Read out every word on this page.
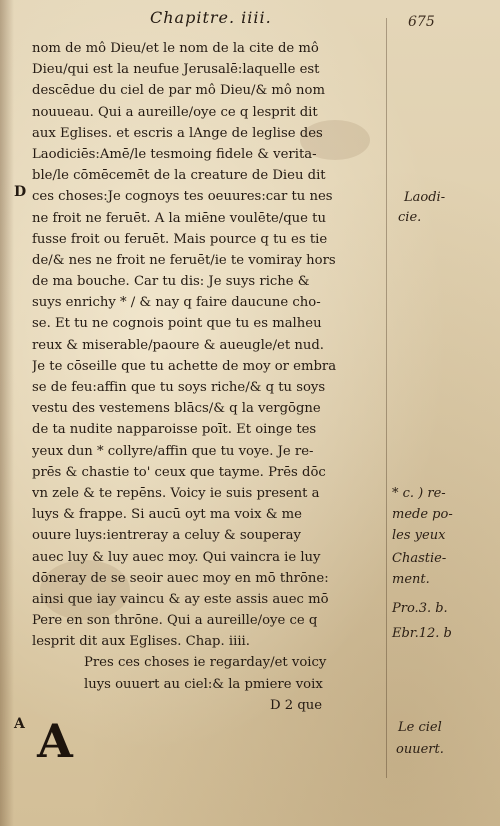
Chapitre. iiii.	675
nom de mô Dieu/et le nom de la cite de mô
Dieu/qui est la neufue Jerusalē:laquelle est
descēdue du ciel de par mô Dieu/& mô nom
nouueau. Qui a aureille/oye ce q lesprit dit
aux Eglises. et escris a lAnge de leglise des
Laodiciēs:Amē/le tesmoing fidele & verita-
ble/le cōmēcemēt de la creature de Dieu dit
ces choses:Je cognoys tes oeuures:car tu nes
ne froit ne feruēt. A la miēne voulēte/que tu
fusse froit ou feruēt. Mais pource q tu es tie
de/& nes ne froit ne feruēt/ie te vomiray hors
de ma bouche. Car tu dis: Je suys riche &
suys enrichy * / & nay q faire daucune cho-
se. Et tu ne cognois point que tu es malheu
reux & miserable/paoure & aueugle/et nud.
Je te cōseille que tu achette de moy or embra
se de feu:affin que tu soys riche/& q tu soys
vestu des vestemens blācs/& q la vergōgne
de ta nudite napparoisse poīt. Et oinge tes
yeux dun * collyre/affin que tu voye. Je re-
prēs & chastie to' ceux que tayme. Prēs dōc
vn zele & te repēns. Voicy ie suis present a
luys & frappe. Si aucū oyt ma voix & me
ouure luys:ientreray a celuy & souperay
auec luy & luy auec moy. Qui vaincra ie luy
dōneray de se seoir auec moy en mō thrōne:
ainsi que iay vaincu & ay este assis auec mō
Pere en son thrōne. Qui a aureille/oye ce q
lesprit dit aux Eglises. Chap. iiii.
Pres ces choses ie regarday/et voicy
luys ouuert au ciel:& la pmiere voix
D 2 que
D
A A
Laodi-
cie.
* c. ) re-
mede po-
les yeux
Chastie-
ment.
Pro.3. b.
Ebr.12. b
Le ciel
ouuert.
